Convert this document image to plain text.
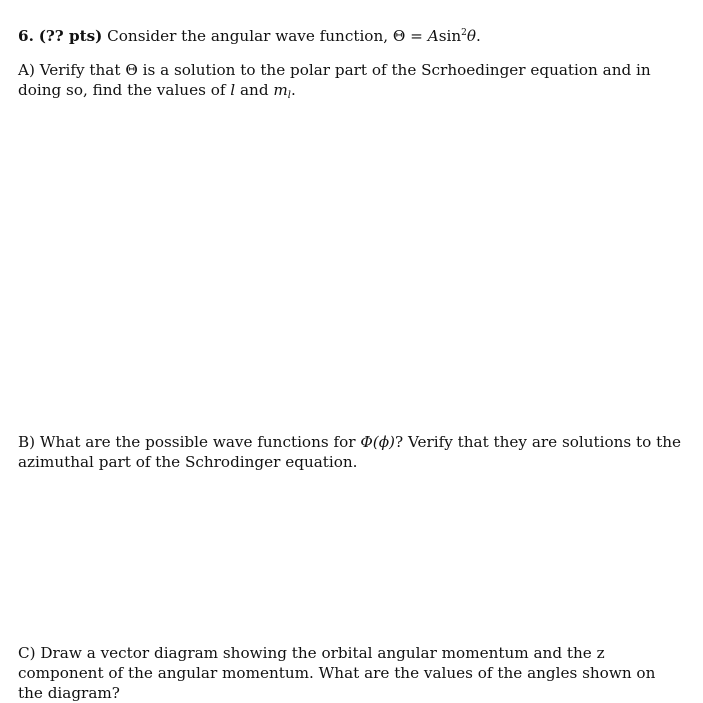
6. (?? pts) Consider the angular wave function, Θ = Asin$^2$θ.
A) Verify that Θ is a solution to the polar part of the Scrhoedinger equation and in doing so, find the values of l and $m_l$.
B) What are the possible wave functions for Φ(ϕ)? Verify that they are solutions to the azimuthal part of the Schrodinger equation.
C) Draw a vector diagram showing the orbital angular momentum and the z component of the angular momentum. What are the values of the angles shown on the diagram?
